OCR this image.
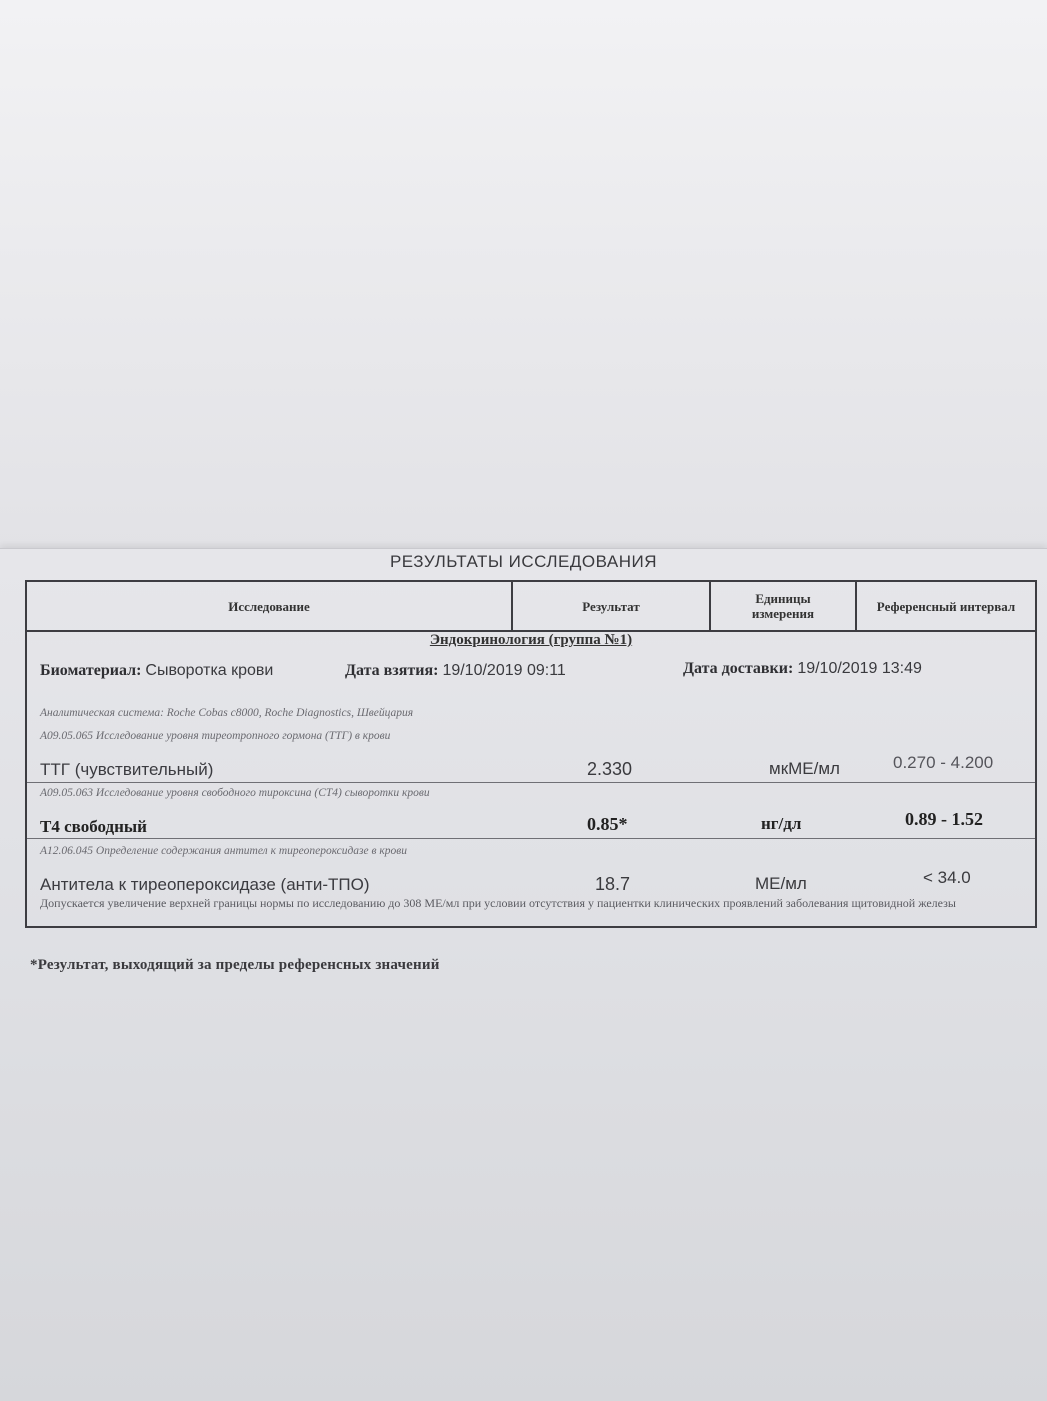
РЕЗУЛЬТАТЫ ИССЛЕДОВАНИЯ
Исследование	Результат	Единицы
измерения	Референсный интервал
Эндокринология (группа №1)
Биоматериал: Сыворотка крови	Дата взятия: 19/10/2019 09:11	Дата доставки: 19/10/2019 13:49
Аналитическая система: Roche Cobas c8000, Roche Diagnostics, Швейцария
A09.05.065 Исследование уровня тиреотропного гормона (ТТГ) в крови
ТТГ (чувствительный)	2.330	мкМЕ/мл	0.270 - 4.200
A09.05.063 Исследование уровня свободного тироксина (СТ4) сыворотки крови
Т4 свободный	0.85*	нг/дл	0.89 - 1.52
A12.06.045 Определение содержания антител к тиреопероксидазе в крови
Антитела к тиреопероксидазе (анти-ТПО)	18.7	МЕ/мл	< 34.0
Допускается увеличение верхней границы нормы по исследованию до 308 МЕ/мл при условии отсутствия у пациентки клинических проявлений заболевания щитовидной железы
*Результат, выходящий за пределы референсных значений
